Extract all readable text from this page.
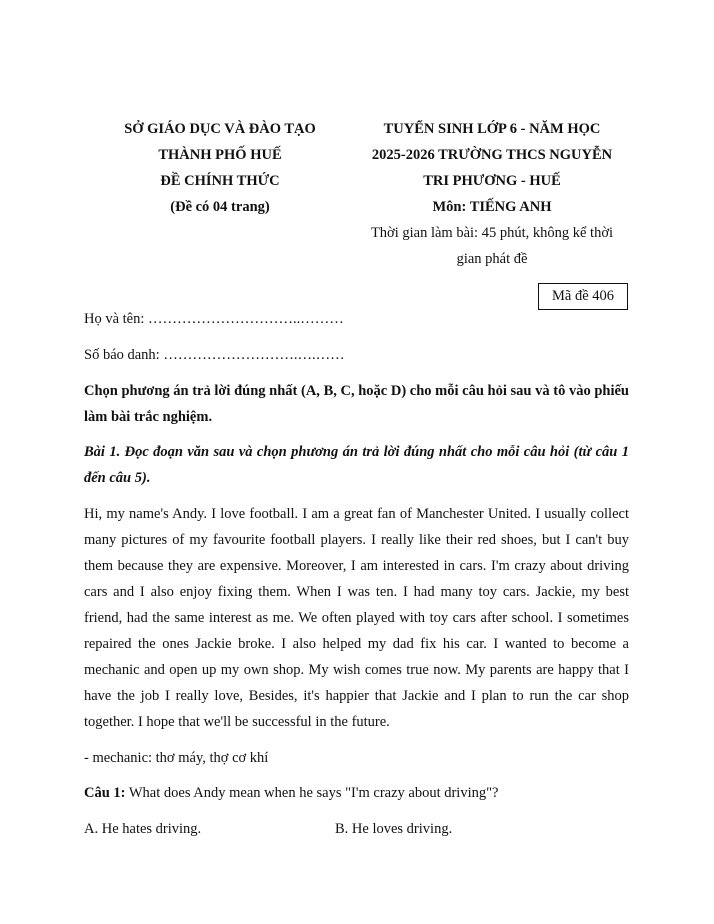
SỞ GIÁO DỤC VÀ ĐÀO TẠO
THÀNH PHỐ HUẾ
ĐỀ CHÍNH THỨC
(Đề có 04 trang)
TUYỂN SINH LỚP 6 - NĂM HỌC
2025-2026 TRƯỜNG THCS NGUYỄN
TRI PHƯƠNG - HUẾ
Môn: TIẾNG ANH
Thời gian làm bài: 45 phút, không kể thời
gian phát đề
Mã đề 406
Họ và tên: …………………………..………
Số báo danh: ……………………….….……
Chọn phương án trả lời đúng nhất (A, B, C, hoặc D) cho mỗi câu hỏi sau và tô vào phiếu làm bài trắc nghiệm.
Bài 1. Đọc đoạn văn sau và chọn phương án trả lời đúng nhất cho mỗi câu hỏi (từ câu 1 đến câu 5).
Hi, my name's Andy. I love football. I am a great fan of Manchester United. I usually collect many pictures of my favourite football players. I really like their red shoes, but I can't buy them because they are expensive. Moreover, I am interested in cars. I'm crazy about driving cars and I also enjoy fixing them. When I was ten. I had many toy cars. Jackie, my best friend, had the same interest as me. We often played with toy cars after school. I sometimes repaired the ones Jackie broke. I also helped my dad fix his car. I wanted to become a mechanic and open up my own shop. My wish comes true now. My parents are happy that I have the job I really love, Besides, it's happier that Jackie and I plan to run the car shop together. I hope that we'll be successful in the future.
- mechanic: thơ máy, thợ cơ khí
Câu 1: What does Andy mean when he says "I'm crazy about driving"?
A. He hates driving.	B. He loves driving.
